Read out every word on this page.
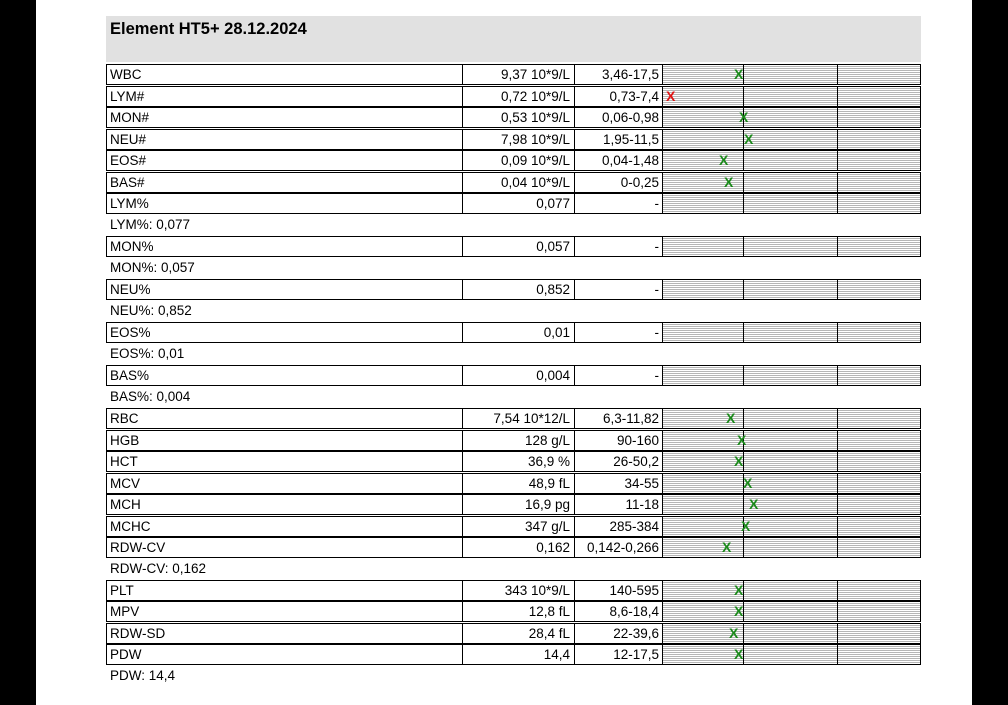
Element HT5+ 28.12.2024
WBC	9,37 10*9/L	3,46-17,5	X
LYM#	0,72 10*9/L	0,73-7,4 X
MON#	0,53 10*9/L	0,06-0,98	X
NEU#	7,98 10*9/L	1,95-11,5	X
EOS#	0,09 10*9/L	0,04-1,48	X
BAS#	0,04 10*9/L	0-0,25	X
LYM%	0,077	-
MON%	0,057	-
NEU%	0,852	-
EOS%	0,01	-
BAS%	0,004	-
RBC	7,54 10*12/L	6,3-11,82	X
HGB	128 g/L	90-160	X
HCT	36,9 %	26-50,2	X
MCV	48,9 fL	34-55	X
MCH	16,9 pg	11-18	X
MCHC	347 g/L	285-384	X
RDW-CV	0,162	0,142-0,266	X
PLT	343 10*9/L	140-595	X
MPV	12,8 fL	8,6-18,4	X
RDW-SD	28,4 fL	22-39,6	X
PDW	14,4	12-17,5	X
LYM%: 0,077
MON%: 0,057
NEU%: 0,852
EOS%: 0,01
BAS%: 0,004
RDW-CV: 0,162
PDW: 14,4
